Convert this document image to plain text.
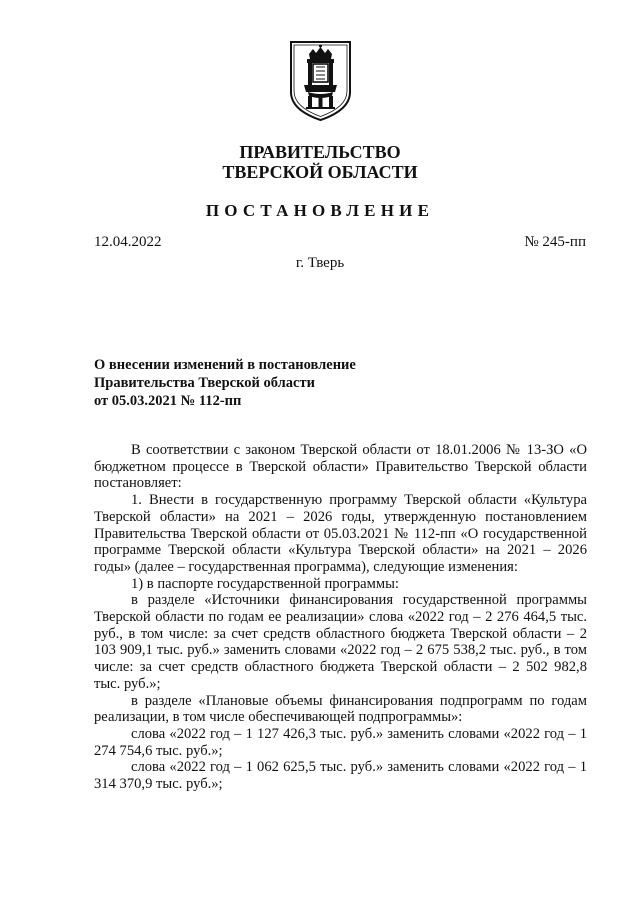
ПРАВИТЕЛЬСТВО
ТВЕРСКОЙ ОБЛАСТИ
ПОСТАНОВЛЕНИЕ
12.04.2022	№ 245-пп
г. Тверь
О внесении изменений в постановление
Правительства Тверской области
от 05.03.2021 № 112-пп

В соответствии с законом Тверской области от 18.01.2006 № 13-ЗО «О бюджетном процессе в Тверской области» Правительство Тверской области постановляет:

1. Внести в государственную программу Тверской области «Культура Тверской области» на 2021 – 2026 годы, утвержденную постановлением Правительства Тверской области от 05.03.2021 № 112-пп «О государственной программе Тверской области «Культура Тверской области» на 2021 – 2026 годы» (далее – государственная программа), следующие изменения:

1) в паспорте государственной программы:

в разделе «Источники финансирования государственной программы Тверской области по годам ее реализации» слова «2022 год – 2 276 464,5 тыс. руб., в том числе: за счет средств областного бюджета Тверской области – 2 103 909,1 тыс. руб.» заменить словами «2022 год – 2 675 538,2 тыс. руб., в том числе: за счет средств областного бюджета Тверской области – 2 502 982,8 тыс. руб.»;

в разделе «Плановые объемы финансирования подпрограмм по годам реализации, в том числе обеспечивающей подпрограммы»:

слова «2022 год – 1 127 426,3 тыс. руб.» заменить словами «2022 год – 1 274 754,6 тыс. руб.»;

слова «2022 год – 1 062 625,5 тыс. руб.» заменить словами «2022 год – 1 314 370,9 тыс. руб.»;
